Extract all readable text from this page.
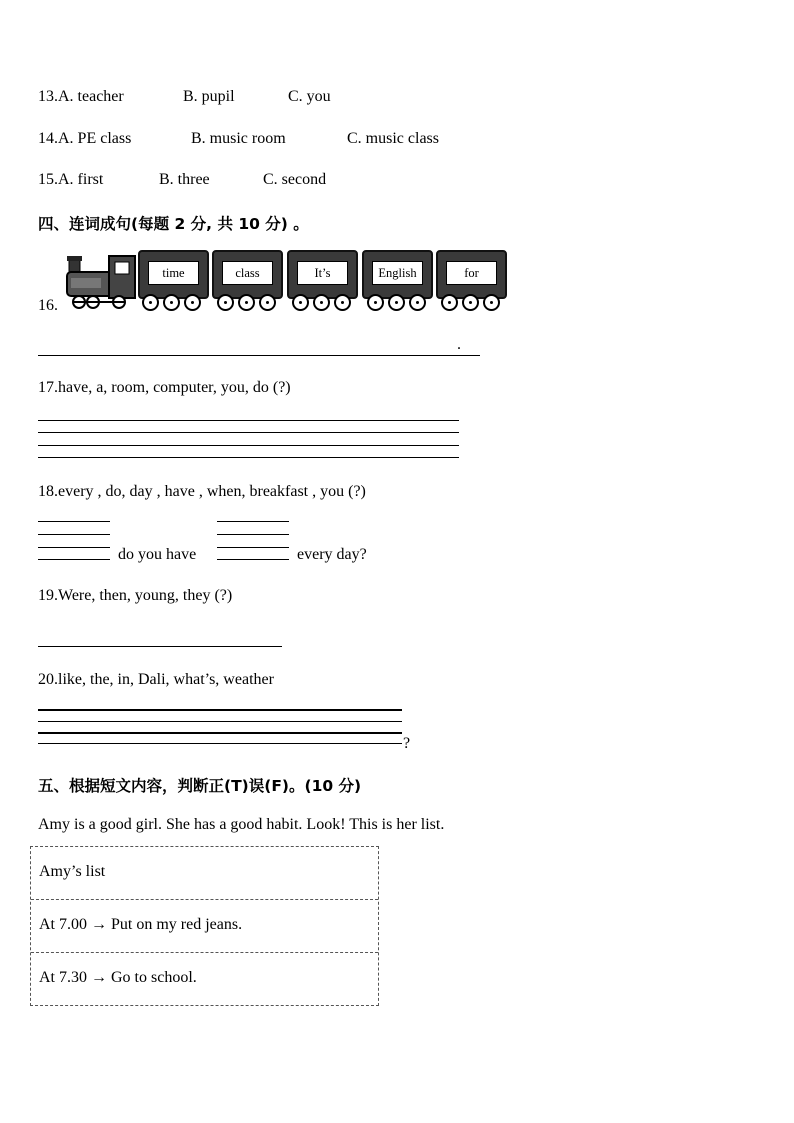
13.A. teacher	B. pupil	C. you
14.A. PE class	B. music room	C. music class
15.A. first	B. three	C. second
四、连词成句(每题 2 分, 共 10 分) 。
time	class	It’s	English	for
16.
.
17.have, a, room, computer, you, do (?)
18.every , do, day , have , when, breakfast , you (?)
do you have	every day?
19.Were, then, young, they (?)
20.like, the, in, Dali, what’s, weather
?
五、根据短文内容，判断正(T)误(F)。(10 分)
Amy is a good girl. She has a good habit. Look! This is her list.
Amy’s list
At 7.00 → Put on my red jeans.
At 7.30 → Go to school.
